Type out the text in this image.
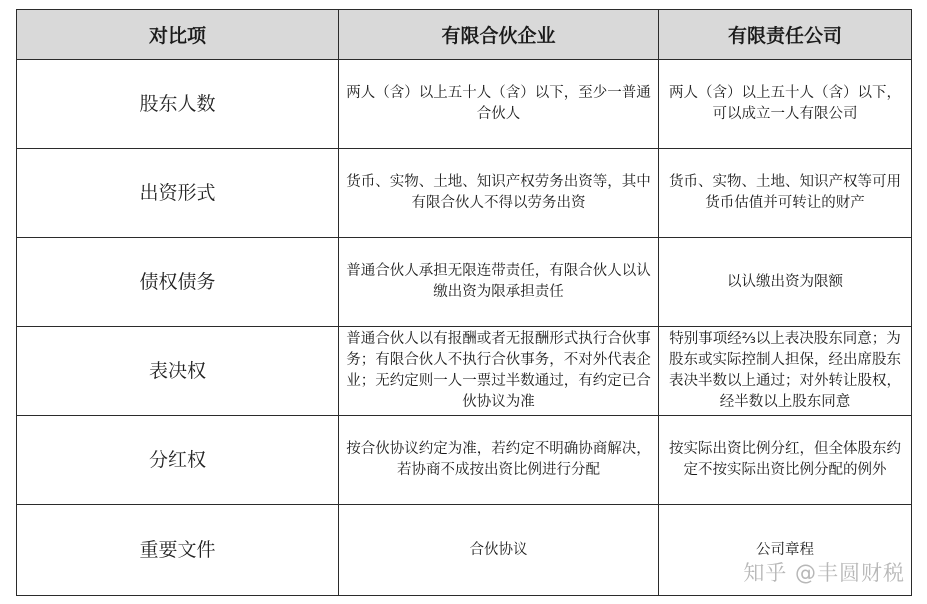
对比项	有限合伙企业	有限责任公司
股东人数	两人（含）以上五十人（含）以下，至少一普通合伙人	两人（含）以上五十人（含）以下，可以成立一人有限公司
出资形式	货币、实物、土地、知识产权劳务出资等，其中有限合伙人不得以劳务出资	货币、实物、土地、知识产权等可用货币估值并可转让的财产
债权债务	普通合伙人承担无限连带责任，有限合伙人以认缴出资为限承担责任	以认缴出资为限额
表决权	普通合伙人以有报酬或者无报酬形式执行合伙事务；有限合伙人不执行合伙事务，不对外代表企业；无约定则一人一票过半数通过，有约定已合伙协议为准	特别事项经⅔以上表决股东同意；为股东或实际控制人担保，经出席股东表决半数以上通过；对外转让股权，经半数以上股东同意
分红权	按合伙协议约定为准，若约定不明确协商解决，若协商不成按出资比例进行分配	按实际出资比例分红，但全体股东约定不按实际出资比例分配的例外
重要文件	合伙协议	公司章程
知乎 @丰圆财税
